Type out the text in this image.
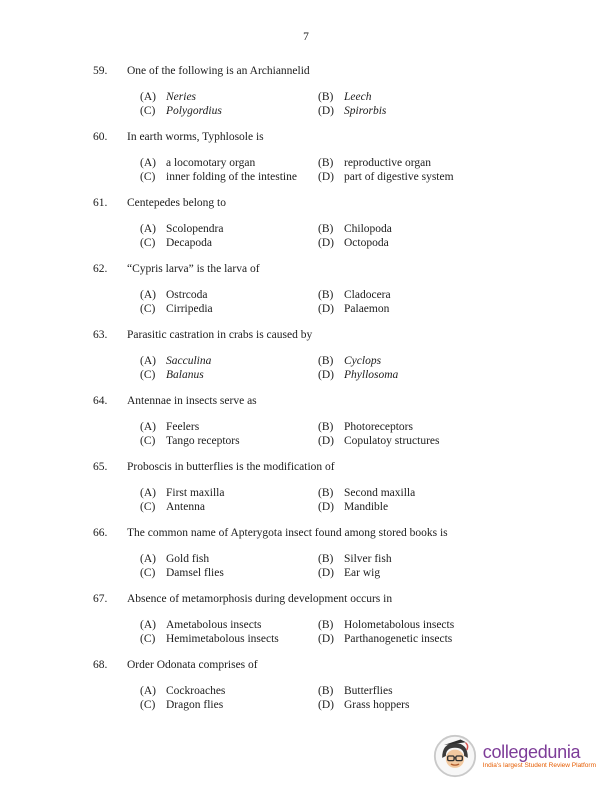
7
59.	One of the following is an Archiannelid
(A) Neries	(B) Leech
(C) Polygordius	(D) Spirorbis
60.	In earth worms, Typhlosole is
(A) a locomotary organ	(B) reproductive organ
(C) inner folding of the intestine	(D) part of digestive system
61.	Centepedes belong to
(A) Scolopendra	(B) Chilopoda
(C) Decapoda	(D) Octopoda
62.	“Cypris larva” is the larva of
(A) Ostrcoda	(B) Cladocera
(C) Cirripedia	(D) Palaemon
63.	Parasitic castration in crabs is caused by
(A) Sacculina	(B) Cyclops
(C) Balanus	(D) Phyllosoma
64.	Antennae in insects serve as
(A) Feelers	(B) Photoreceptors
(C) Tango receptors	(D) Copulatoy structures
65.	Proboscis in butterflies is the modification of
(A) First maxilla	(B) Second maxilla
(C) Antenna	(D) Mandible
66.	The common name of Apterygota insect found among stored books is
(A) Gold fish	(B) Silver fish
(C) Damsel flies	(D) Ear wig
67.	Absence of metamorphosis during development occurs in
(A) Ametabolous insects	(B) Holometabolous insects
(C) Hemimetabolous insects	(D) Parthanogenetic insects
68.	Order Odonata comprises of
(A) Cockroaches	(B) Butterflies
(C) Dragon flies	(D) Grass hoppers
collegedunia
India's largest Student Review Platform
